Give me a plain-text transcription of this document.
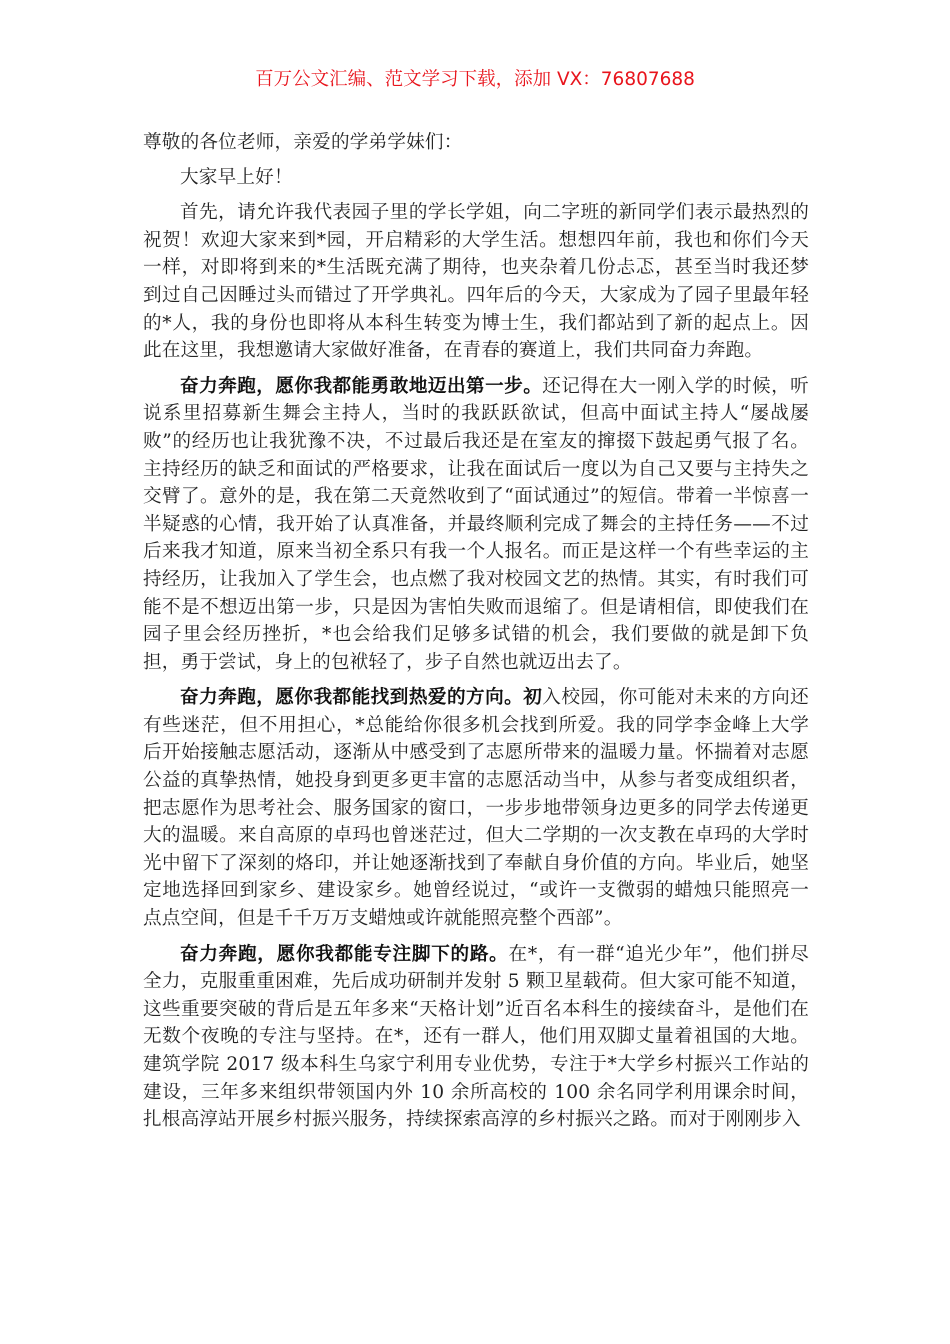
百万公文汇编、范文学习下载，添加 VX：76807688

尊敬的各位老师，亲爱的学弟学妹们：

大家早上好！

首先，请允许我代表园子里的学长学姐，向二字班的新同学们表示最热烈的祝贺！欢迎大家来到*园，开启精彩的大学生活。想想四年前，我也和你们今天一样，对即将到来的*生活既充满了期待，也夹杂着几份忐忑，甚至当时我还梦到过自己因睡过头而错过了开学典礼。四年后的今天，大家成为了园子里最年轻的*人，我的身份也即将从本科生转变为博士生，我们都站到了新的起点上。因此在这里，我想邀请大家做好准备，在青春的赛道上，我们共同奋力奔跑。

奋力奔跑，愿你我都能勇敢地迈出第一步。还记得在大一刚入学的时候，听说系里招募新生舞会主持人，当时的我跃跃欲试，但高中面试主持人“屡战屡败”的经历也让我犹豫不决，不过最后我还是在室友的撺掇下鼓起勇气报了名。主持经历的缺乏和面试的严格要求，让我在面试后一度以为自己又要与主持失之交臂了。意外的是，我在第二天竟然收到了“面试通过”的短信。带着一半惊喜一半疑惑的心情，我开始了认真准备，并最终顺利完成了舞会的主持任务——不过后来我才知道，原来当初全系只有我一个人报名。而正是这样一个有些幸运的主持经历，让我加入了学生会，也点燃了我对校园文艺的热情。其实，有时我们可能不是不想迈出第一步，只是因为害怕失败而退缩了。但是请相信，即使我们在园子里会经历挫折，*也会给我们足够多试错的机会，我们要做的就是卸下负担，勇于尝试，身上的包袱轻了，步子自然也就迈出去了。

奋力奔跑，愿你我都能找到热爱的方向。初入校园，你可能对未来的方向还有些迷茫，但不用担心，*总能给你很多机会找到所爱。我的同学李金峰上大学后开始接触志愿活动，逐渐从中感受到了志愿所带来的温暖力量。怀揣着对志愿公益的真挚热情，她投身到更多更丰富的志愿活动当中，从参与者变成组织者，把志愿作为思考社会、服务国家的窗口，一步步地带领身边更多的同学去传递更大的温暖。来自高原的卓玛也曾迷茫过，但大二学期的一次支教在卓玛的大学时光中留下了深刻的烙印，并让她逐渐找到了奉献自身价值的方向。毕业后，她坚定地选择回到家乡、建设家乡。她曾经说过，“或许一支微弱的蜡烛只能照亮一点点空间，但是千千万万支蜡烛或许就能照亮整个西部”。

奋力奔跑，愿你我都能专注脚下的路。在*，有一群“追光少年”，他们拼尽全力，克服重重困难，先后成功研制并发射 5 颗卫星载荷。但大家可能不知道，这些重要突破的背后是五年多来“天格计划”近百名本科生的接续奋斗，是他们在无数个夜晚的专注与坚持。在*，还有一群人，他们用双脚丈量着祖国的大地。建筑学院 2017 级本科生乌家宁利用专业优势，专注于*大学乡村振兴工作站的建设，三年多来组织带领国内外 10 余所高校的 100 余名同学利用课余时间，扎根高淳站开展乡村振兴服务，持续探索高淳的乡村振兴之路。而对于刚刚步入
